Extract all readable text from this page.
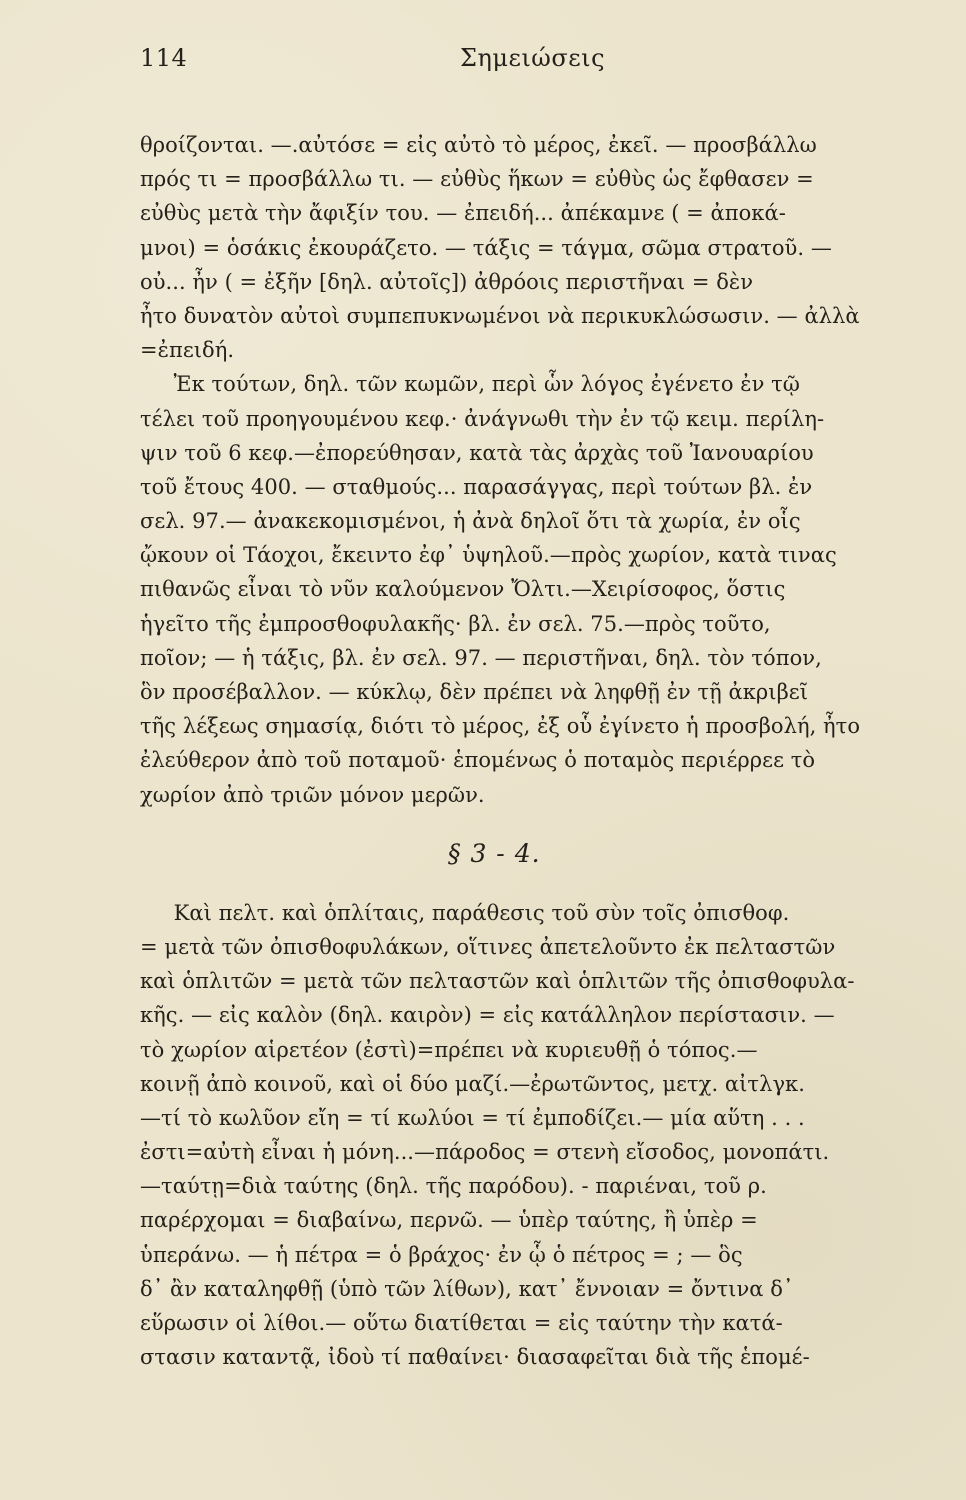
114	Σημειώσεις
θροίζονται. —.αὐτόσε = εἰς αὐτὸ τὸ μέρος, ἐκεῖ. — προσβάλλω
πρός τι = προσβάλλω τι. — εὐθὺς ἥκων = εὐθὺς ὡς ἔφθασεν =
εὐθὺς μετὰ τὴν ἄφιξίν του. — ἐπειδή... ἀπέκαμνε ( = ἀποκά-
μνοι) = ὁσάκις ἐκουράζετο. — τάξις = τάγμα, σῶμα στρατοῦ. —
οὐ... ἦν ( = ἐξῆν [δηλ. αὐτοῖς]) ἀθρόοις περιστῆναι = δὲν
ἦτο δυνατὸν αὐτοὶ συμπεπυκνωμένοι νὰ περικυκλώσωσιν. — ἀλλὰ
=ἐπειδή.
Ἐκ τούτων, δηλ. τῶν κωμῶν, περὶ ὧν λόγος ἐγένετο ἐν τῷ
τέλει τοῦ προηγουμένου κεφ.· ἀνάγνωθι τὴν ἐν τῷ κειμ. περίλη-
ψιν τοῦ 6 κεφ.—ἐπορεύθησαν, κατὰ τὰς ἀρχὰς τοῦ Ἰανουαρίου
τοῦ ἔτους 400. — σταθμούς... παρασάγγας, περὶ τούτων βλ. ἐν
σελ. 97.— ἀνακεκομισμένοι, ἡ ἀνὰ δηλοῖ ὅτι τὰ χωρία, ἐν οἷς
ᾤκουν οἱ Τάοχοι, ἔκειντο ἐφ᾽ ὑψηλοῦ.—πρὸς χωρίον, κατὰ τινας
πιθανῶς εἶναι τὸ νῦν καλούμενον Ὄλτι.—Χειρίσοφος, ὅστις
ἡγεῖτο τῆς ἐμπροσθοφυλακῆς· βλ. ἐν σελ. 75.—πρὸς τοῦτο,
ποῖον; — ἡ τάξις, βλ. ἐν σελ. 97. — περιστῆναι, δηλ. τὸν τόπον,
ὃν προσέβαλλον. — κύκλῳ, δὲν πρέπει νὰ ληφθῇ ἐν τῇ ἀκριβεῖ
τῆς λέξεως σημασίᾳ, διότι τὸ μέρος, ἐξ οὗ ἐγίνετο ἡ προσβολή, ἦτο
ἐλεύθερον ἀπὸ τοῦ ποταμοῦ· ἑπομένως ὁ ποταμὸς περιέρρεε τὸ
χωρίον ἀπὸ τριῶν μόνον μερῶν.
§ 3 - 4.
Καὶ πελτ. καὶ ὁπλίταις, παράθεσις τοῦ σὺν τοῖς ὀπισθοφ.
= μετὰ τῶν ὀπισθοφυλάκων, οἵτινες ἀπετελοῦντο ἐκ πελταστῶν
καὶ ὁπλιτῶν = μετὰ τῶν πελταστῶν καὶ ὁπλιτῶν τῆς ὀπισθοφυλα-
κῆς. — εἰς καλὸν (δηλ. καιρὸν) = εἰς κατάλληλον περίστασιν. —
τὸ χωρίον αἱρετέον (ἐστὶ)=πρέπει νὰ κυριευθῇ ὁ τόπος.—
κοινῇ ἀπὸ κοινοῦ, καὶ οἱ δύο μαζί.—ἐρωτῶντος, μετχ. αἰτλγκ.
—τί τὸ κωλῦον εἴη = τί κωλύοι = τί ἐμποδίζει.— μία αὕτη . . .
ἐστι=αὐτὴ εἶναι ἡ μόνη...—πάροδος = στενὴ εἴσοδος, μονοπάτι.
—ταύτῃ=διὰ ταύτης (δηλ. τῆς παρόδου). - παριέναι, τοῦ ρ.
παρέρχομαι = διαβαίνω, περνῶ. — ὑπὲρ ταύτης, ἢ ὑπὲρ =
ὑπεράνω. — ἡ πέτρα = ὁ βράχος· ἐν ᾧ ὁ πέτρος = ; — ὃς
δ᾽ ἂν καταληφθῇ (ὑπὸ τῶν λίθων), κατ᾽ ἔννοιαν = ὄντινα δ᾽
εὕρωσιν οἱ λίθοι.— οὕτω διατίθεται = εἰς ταύτην τὴν κατά-
στασιν καταντᾷ, ἰδοὺ τί παθαίνει· διασαφεῖται διὰ τῆς ἑπομέ-
